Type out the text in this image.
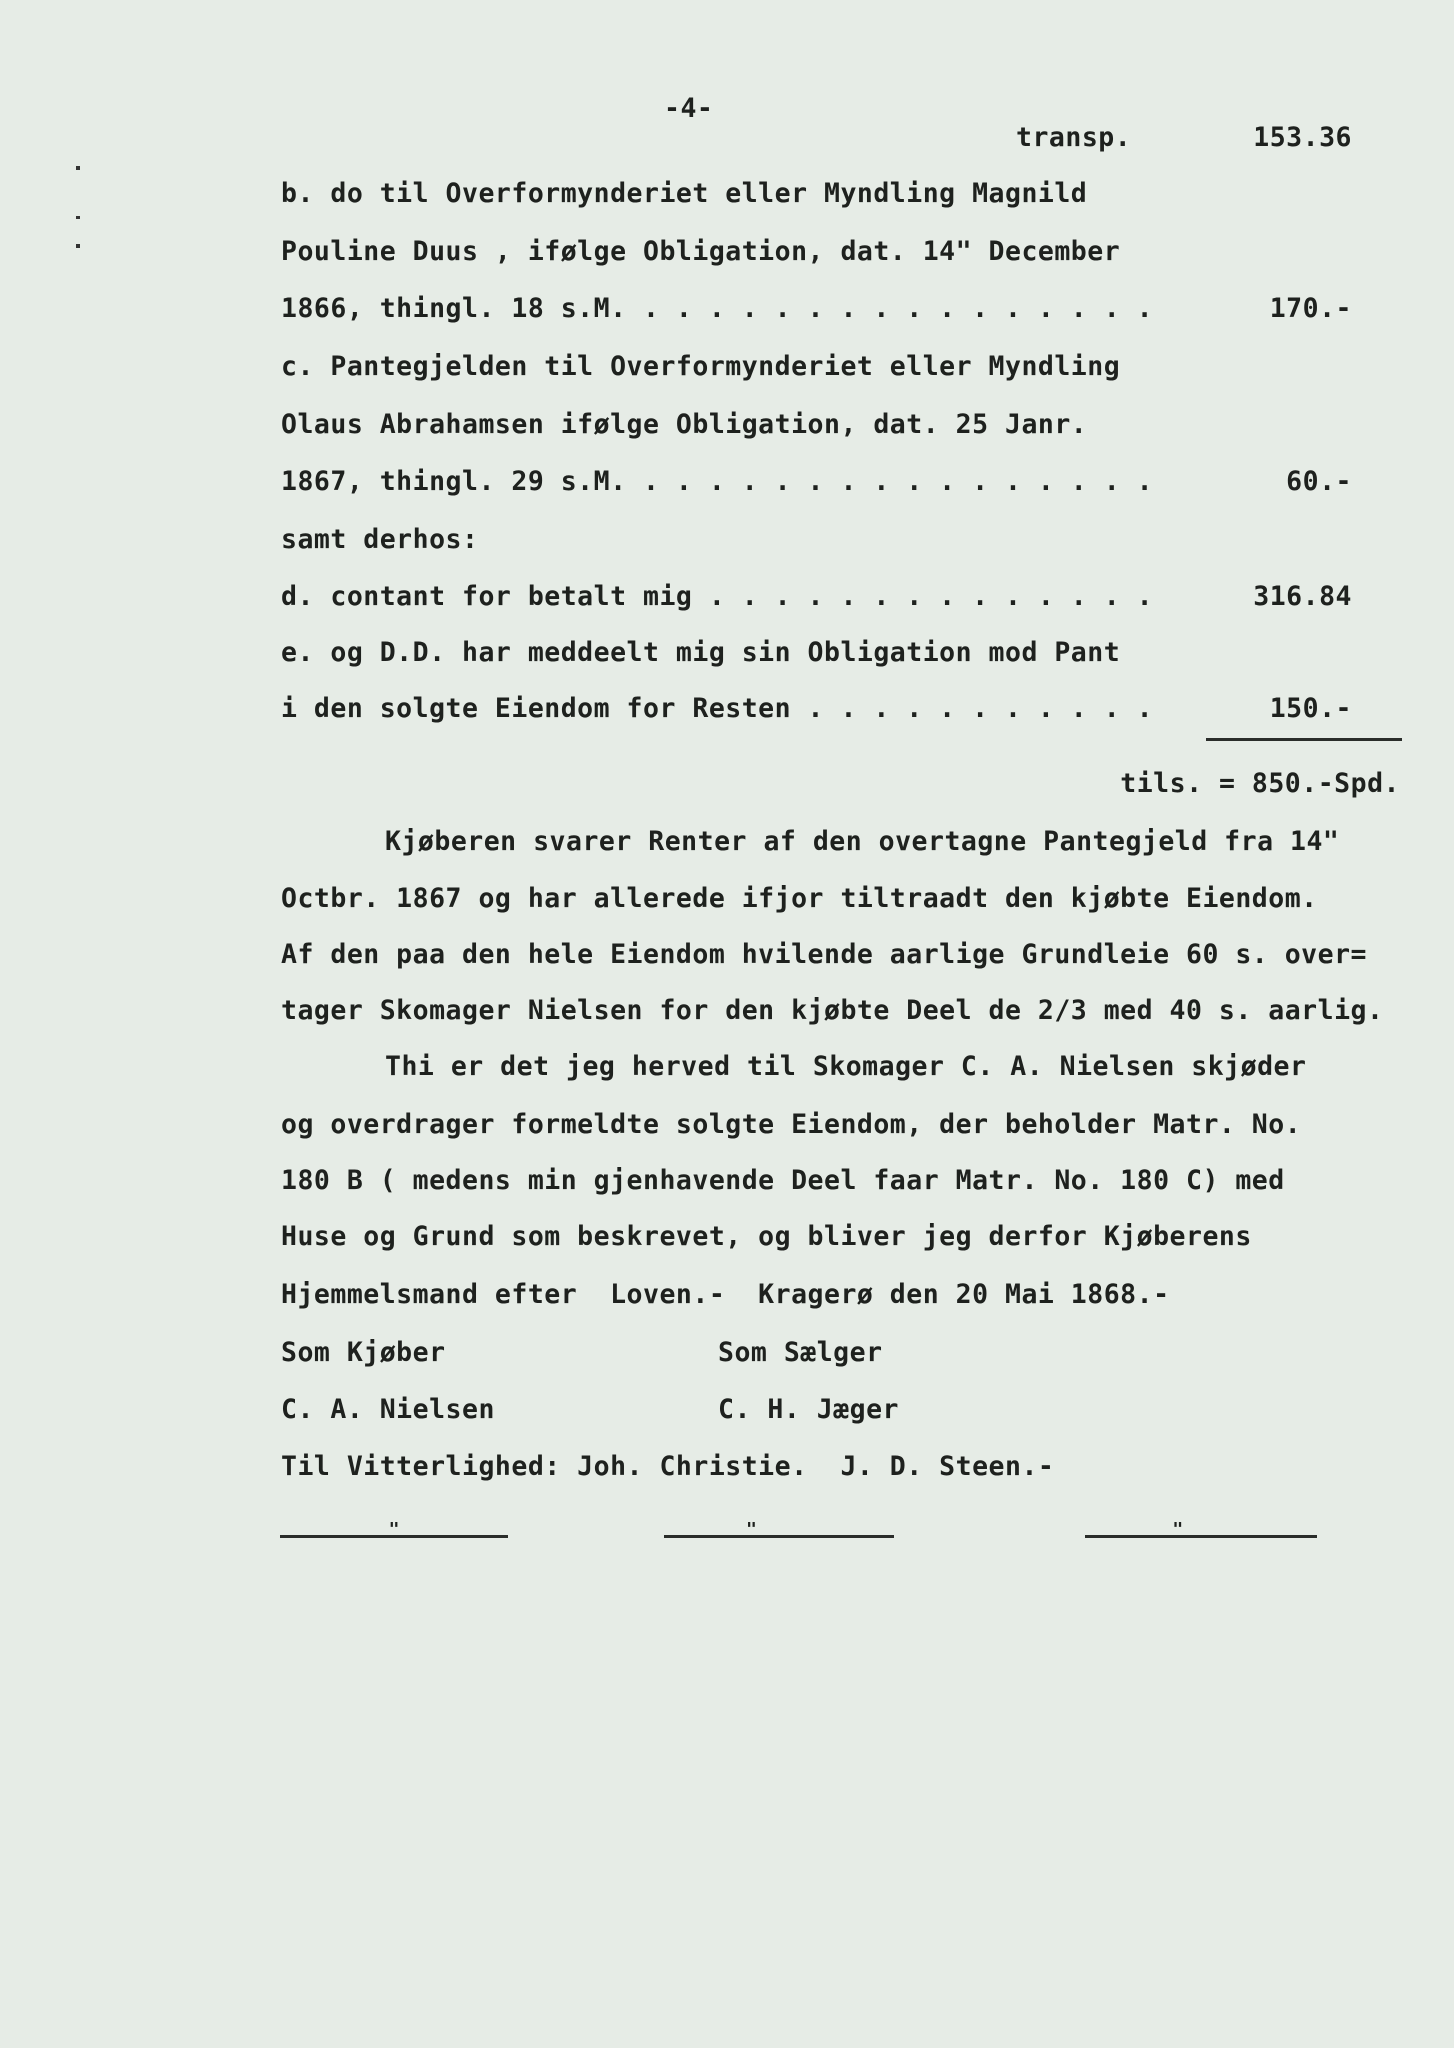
-4-
transp.	153.36
b. do til Overformynderiet eller Myndling Magnild
Pouline Duus , ifølge Obligation, dat. 14" December
1866, thingl. 18 s.M. . . . . . . . . . . . . . . . .	170.-
c. Pantegjelden til Overformynderiet eller Myndling
Olaus Abrahamsen ifølge Obligation, dat. 25 Janr.
1867, thingl. 29 s.M. . . . . . . . . . . . . . . . .	60.-
samt derhos:
d. contant for betalt mig . . . . . . . . . . . . . .	316.84
e. og D.D. har meddeelt mig sin Obligation mod Pant
i den solgte Eiendom for Resten . . . . . . . . . . .	150.-
tils. = 850.-Spd.
Kjøberen svarer Renter af den overtagne Pantegjeld fra 14"
Octbr. 1867 og har allerede ifjor tiltraadt den kjøbte Eiendom.
Af den paa den hele Eiendom hvilende aarlige Grundleie 60 s. over=
tager Skomager Nielsen for den kjøbte Deel de 2/3 med 40 s. aarlig.
Thi er det jeg herved til Skomager C. A. Nielsen skjøder
og overdrager formeldte solgte Eiendom, der beholder Matr. No.
180 B ( medens min gjenhavende Deel faar Matr. No. 180 C) med
Huse og Grund som beskrevet, og bliver jeg derfor Kjøberens
Hjemmelsmand efter  Loven.-  Kragerø den 20 Mai 1868.-
Som Kjøber	Som Sælger
C. A. Nielsen	C. H. Jæger
Til Vitterlighed: Joh. Christie.  J. D. Steen.-
"	"	"
